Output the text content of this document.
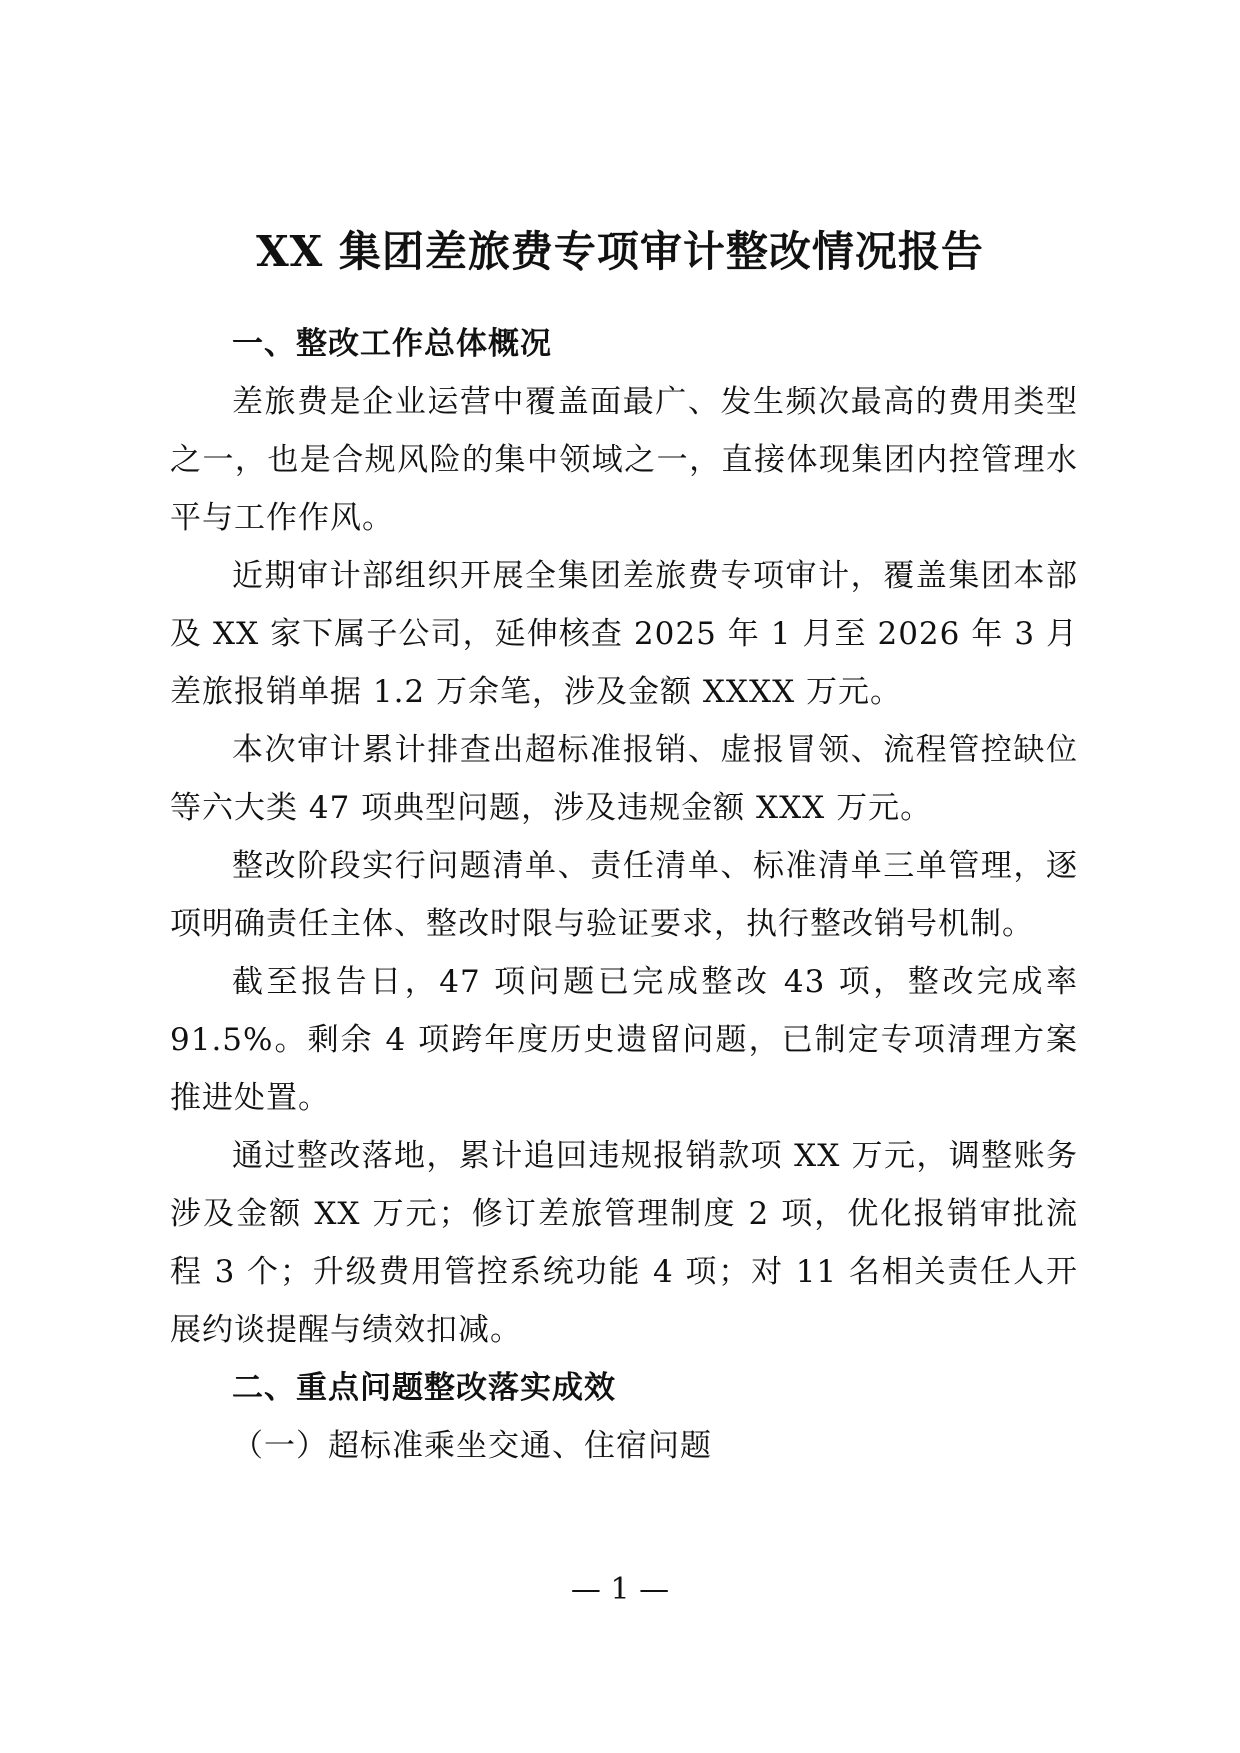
XX 集团差旅费专项审计整改情况报告
一、整改工作总体概况

差旅费是企业运营中覆盖面最广、发生频次最高的费用类型之一，也是合规风险的集中领域之一，直接体现集团内控管理水平与工作作风。

近期审计部组织开展全集团差旅费专项审计，覆盖集团本部及 XX 家下属子公司，延伸核查 2025 年 1 月至 2026 年 3 月差旅报销单据 1.2 万余笔，涉及金额 XXXX 万元。

本次审计累计排查出超标准报销、虚报冒领、流程管控缺位等六大类 47 项典型问题，涉及违规金额 XXX 万元。

整改阶段实行问题清单、责任清单、标准清单三单管理，逐项明确责任主体、整改时限与验证要求，执行整改销号机制。

截至报告日，47 项问题已完成整改 43 项，整改完成率 91.5%。剩余 4 项跨年度历史遗留问题，已制定专项清理方案推进处置。

通过整改落地，累计追回违规报销款项 XX 万元，调整账务涉及金额 XX 万元；修订差旅管理制度 2 项，优化报销审批流程 3 个；升级费用管控系统功能 4 项；对 11 名相关责任人开展约谈提醒与绩效扣减。

二、重点问题整改落实成效
（一）超标准乘坐交通、住宿问题
— 1 —
